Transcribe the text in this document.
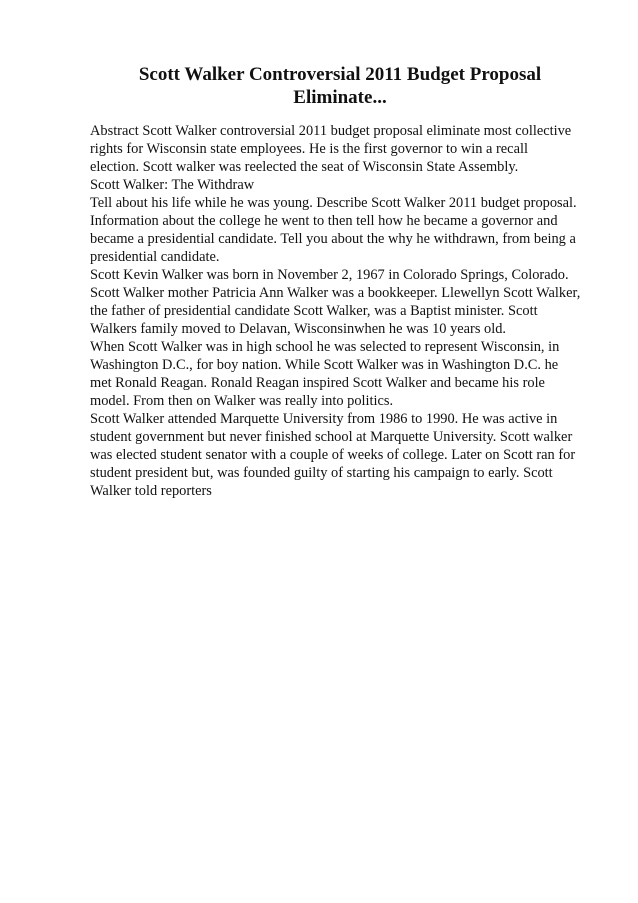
Scott Walker Controversial 2011 Budget Proposal
Eliminate...
Abstract Scott Walker controversial 2011 budget proposal eliminate most collective
rights for Wisconsin state employees. He is the first governor to win a recall
election. Scott walker was reelected the seat of Wisconsin State Assembly.
Scott Walker: The Withdraw
Tell about his life while he was young. Describe Scott Walker 2011 budget proposal.
Information about the college he went to then tell how he became a governor and
became a presidential candidate. Tell you about the why he withdrawn, from being a
presidential candidate.
Scott Kevin Walker was born in November 2, 1967 in Colorado Springs, Colorado.
Scott Walker mother Patricia Ann Walker was a bookkeeper. Llewellyn Scott Walker,
the father of presidential candidate Scott Walker, was a Baptist minister. Scott
Walkers family moved to Delavan, Wisconsinwhen he was 10 years old.
When Scott Walker was in high school he was selected to represent Wisconsin, in
Washington D.C., for boy nation. While Scott Walker was in Washington D.C. he
met Ronald Reagan. Ronald Reagan inspired Scott Walker and became his role
model. From then on Walker was really into politics.
Scott Walker attended Marquette University from 1986 to 1990. He was active in
student government but never finished school at Marquette University. Scott walker
was elected student senator with a couple of weeks of college. Later on Scott ran for
student president but, was founded guilty of starting his campaign to early. Scott
Walker told reporters
